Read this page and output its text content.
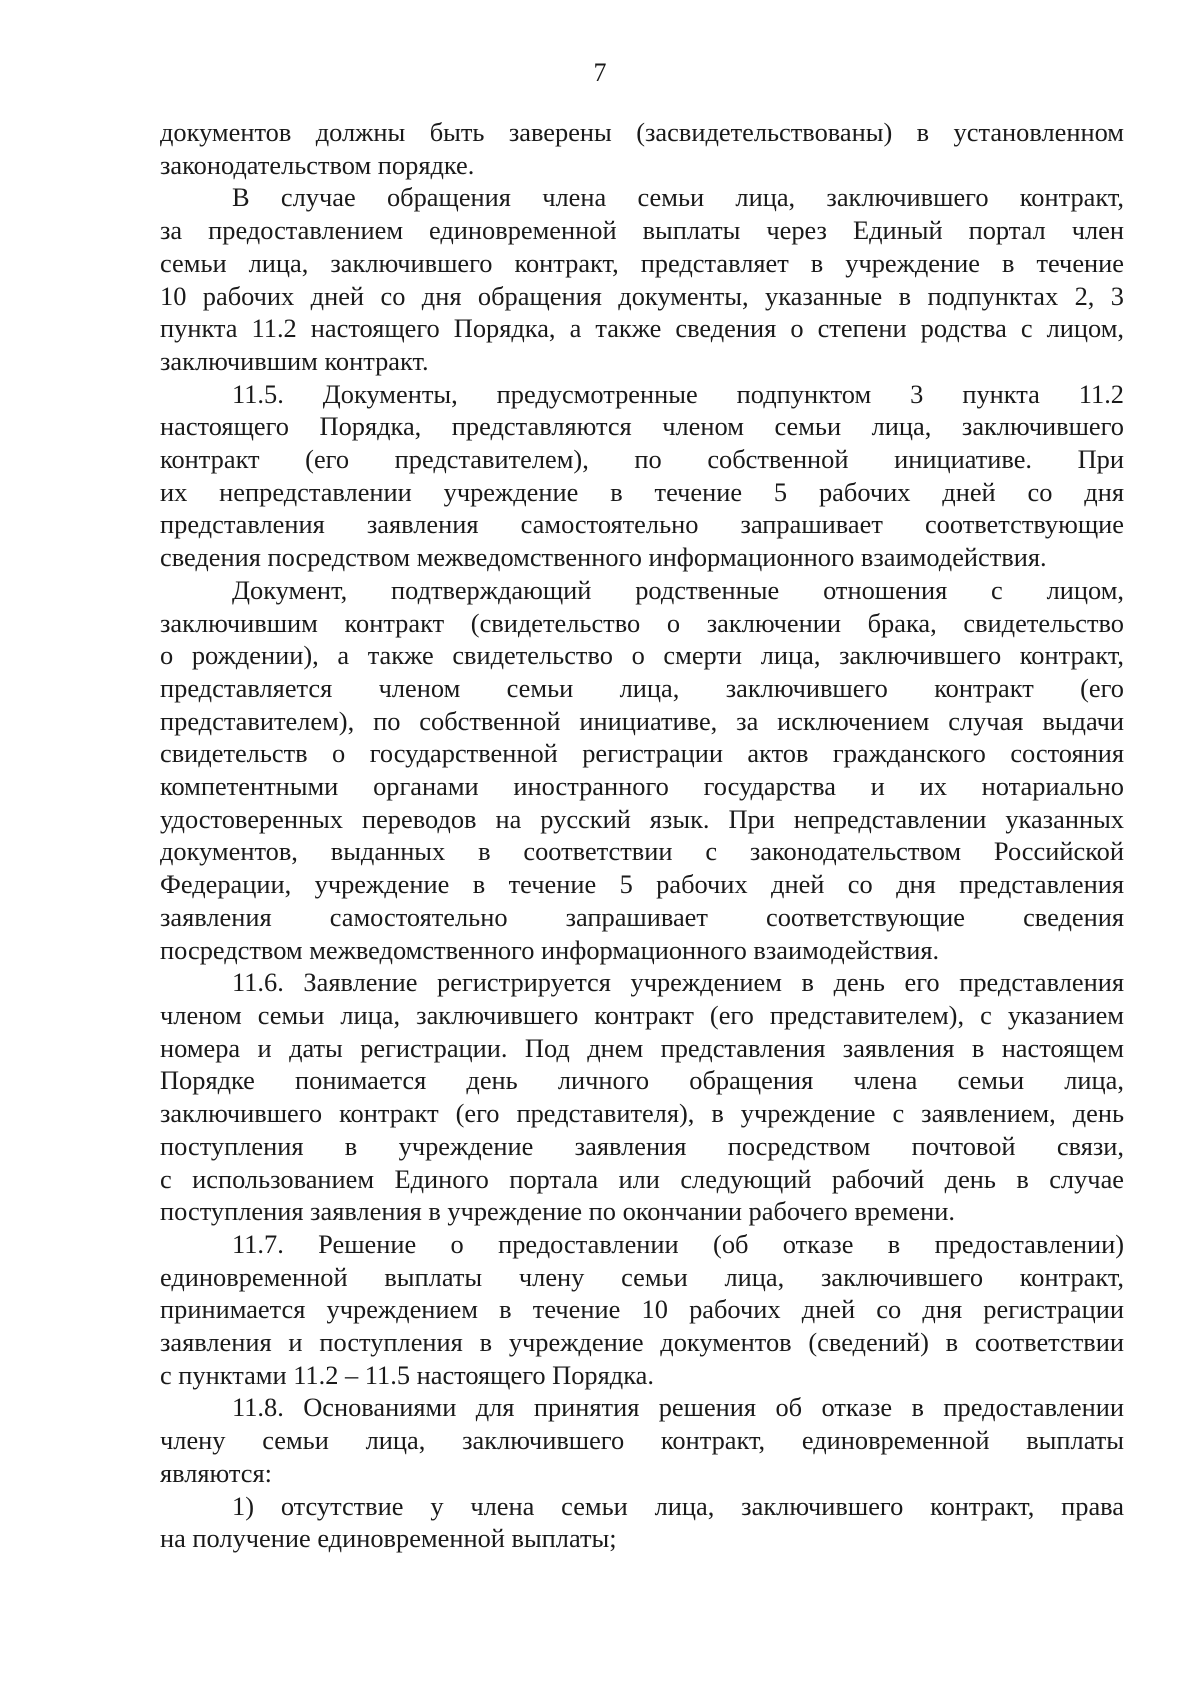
7
документов должны быть заверены (засвидетельствованы) в установленном
законодательством порядке.
В случае обращения члена семьи лица, заключившего контракт,
за предоставлением единовременной выплаты через Единый портал член
семьи лица, заключившего контракт, представляет в учреждение в течение
10 рабочих дней со дня обращения документы, указанные в подпунктах 2, 3
пункта 11.2 настоящего Порядка, а также сведения о степени родства с лицом,
заключившим контракт.
11.5. Документы, предусмотренные подпунктом 3 пункта 11.2
настоящего Порядка, представляются членом семьи лица, заключившего
контракт (его представителем), по собственной инициативе. При
их непредставлении учреждение в течение 5 рабочих дней со дня
представления заявления самостоятельно запрашивает соответствующие
сведения посредством межведомственного информационного взаимодействия.
Документ, подтверждающий родственные отношения с лицом,
заключившим контракт (свидетельство о заключении брака, свидетельство
о рождении), а также свидетельство о смерти лица, заключившего контракт,
представляется членом семьи лица, заключившего контракт (его
представителем), по собственной инициативе, за исключением случая выдачи
свидетельств о государственной регистрации актов гражданского состояния
компетентными органами иностранного государства и их нотариально
удостоверенных переводов на русский язык. При непредставлении указанных
документов, выданных в соответствии с законодательством Российской
Федерации, учреждение в течение 5 рабочих дней со дня представления
заявления самостоятельно запрашивает соответствующие сведения
посредством межведомственного информационного взаимодействия.
11.6. Заявление регистрируется учреждением в день его представления
членом семьи лица, заключившего контракт (его представителем), с указанием
номера и даты регистрации. Под днем представления заявления в настоящем
Порядке понимается день личного обращения члена семьи лица,
заключившего контракт (его представителя), в учреждение с заявлением, день
поступления в учреждение заявления посредством почтовой связи,
с использованием Единого портала или следующий рабочий день в случае
поступления заявления в учреждение по окончании рабочего времени.
11.7. Решение о предоставлении (об отказе в предоставлении)
единовременной выплаты члену семьи лица, заключившего контракт,
принимается учреждением в течение 10 рабочих дней со дня регистрации
заявления и поступления в учреждение документов (сведений) в соответствии
с пунктами 11.2 – 11.5 настоящего Порядка.
11.8. Основаниями для принятия решения об отказе в предоставлении
члену семьи лица, заключившего контракт, единовременной выплаты
являются:
1) отсутствие у члена семьи лица, заключившего контракт, права
на получение единовременной выплаты;
